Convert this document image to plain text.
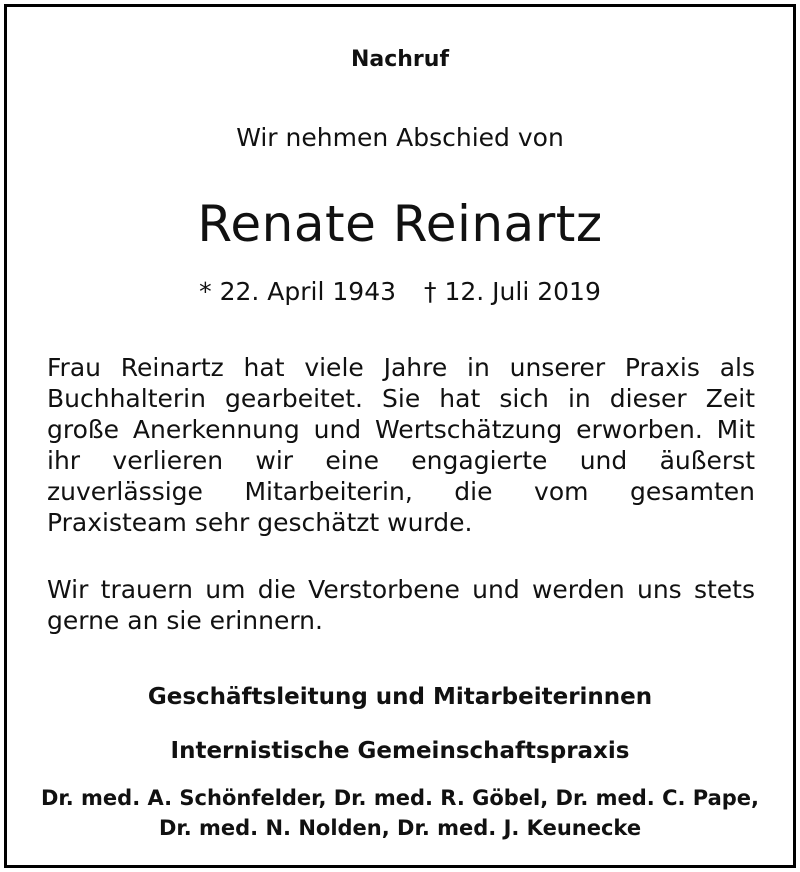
Nachruf

Wir nehmen Abschied von

Renate Reinartz

* 22. April 1943 † 12. Juli 2019

Frau Reinartz hat viele Jahre in unserer Praxis als Buchhalterin gearbeitet. Sie hat sich in dieser Zeit große Anerkennung und Wertschätzung erworben. Mit ihr verlieren wir eine engagierte und äußerst zuverlässige Mitarbeiterin, die vom gesamten Praxisteam sehr geschätzt wurde.

Wir trauern um die Verstorbene und werden uns stets gerne an sie erinnern.

Geschäftsleitung und Mitarbeiterinnen

Internistische Gemeinschaftspraxis

Dr. med. A. Schönfelder, Dr. med. R. Göbel, Dr. med. C. Pape,
Dr. med. N. Nolden, Dr. med. J. Keunecke
